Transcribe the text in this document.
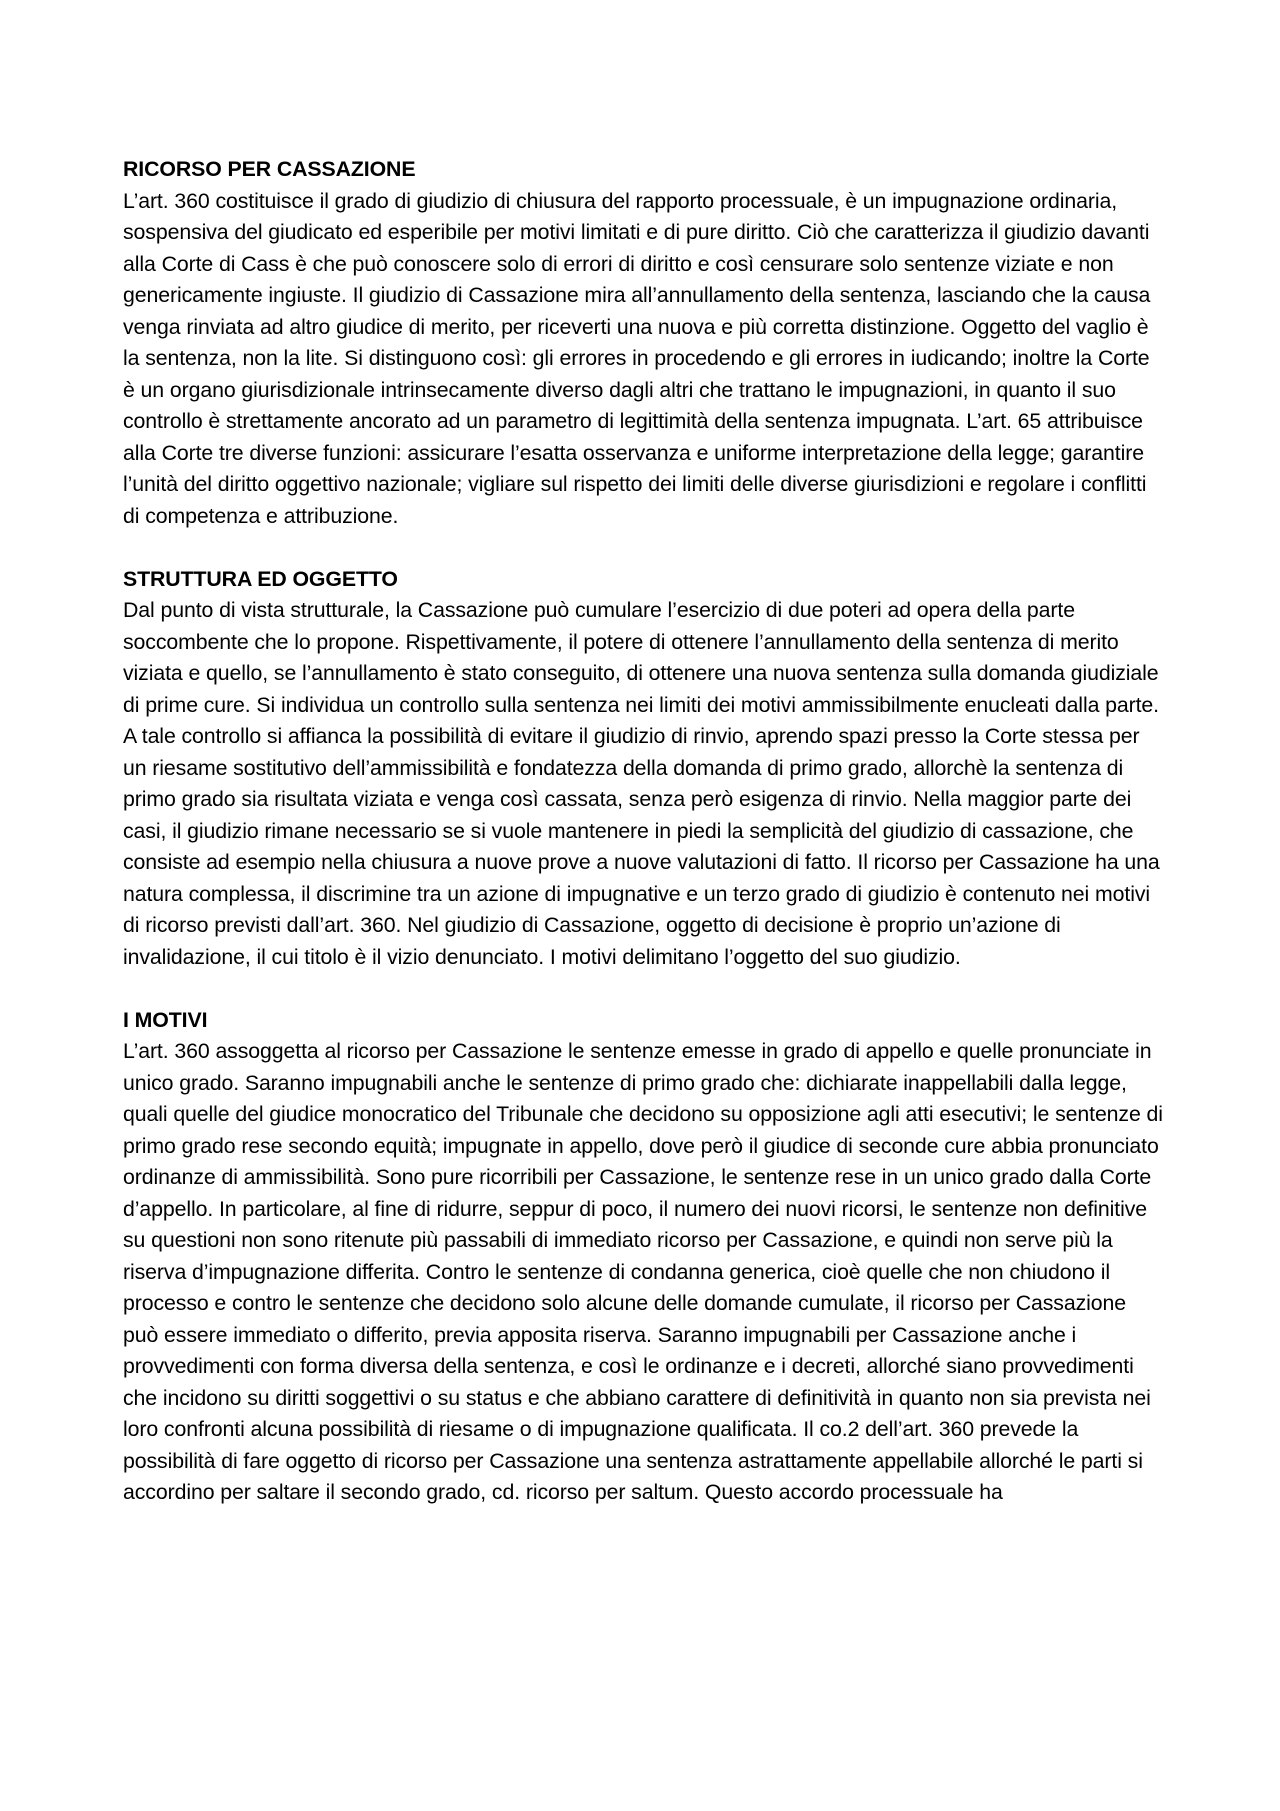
RICORSO PER CASSAZIONE

L’art. 360 costituisce il grado di giudizio di chiusura del rapporto processuale, è un impugnazione ordinaria, sospensiva del giudicato ed esperibile per motivi limitati e di pure diritto. Ciò che caratterizza il giudizio davanti alla Corte di Cass è che può conoscere solo di errori di diritto e così censurare solo sentenze viziate e non genericamente ingiuste. Il giudizio di Cassazione mira all’annullamento della sentenza, lasciando che la causa venga rinviata ad altro giudice di merito, per riceverti una nuova e più corretta distinzione. Oggetto del vaglio è la sentenza, non la lite. Si distinguono così: gli errores in procedendo e gli errores in iudicando; inoltre la Corte è un organo giurisdizionale intrinsecamente diverso dagli altri che trattano le impugnazioni, in quanto il suo controllo è strettamente ancorato ad un parametro di legittimità della sentenza impugnata. L’art. 65 attribuisce alla Corte tre diverse funzioni: assicurare l’esatta osservanza e uniforme interpretazione della legge; garantire l’unità del diritto oggettivo nazionale; vigliare sul rispetto dei limiti delle diverse giurisdizioni e regolare i conflitti di competenza e attribuzione.

STRUTTURA ED OGGETTO

Dal punto di vista strutturale, la Cassazione può cumulare l’esercizio di due poteri ad opera della parte soccombente che lo propone. Rispettivamente, il potere di ottenere l’annullamento della sentenza di merito viziata e quello, se l’annullamento è stato conseguito, di ottenere una nuova sentenza sulla domanda giudiziale di prime cure. Si individua un controllo sulla sentenza nei limiti dei motivi ammissibilmente enucleati dalla parte. A tale controllo si affianca la possibilità di evitare il giudizio di rinvio, aprendo spazi presso la Corte stessa per un riesame sostitutivo dell’ammissibilità e fondatezza della domanda di primo grado, allorchè la sentenza di primo grado sia risultata viziata e venga così cassata, senza però esigenza di rinvio. Nella maggior parte dei casi, il giudizio rimane necessario se si vuole mantenere in piedi la semplicità del giudizio di cassazione, che consiste ad esempio nella chiusura a nuove prove a nuove valutazioni di fatto. Il ricorso per Cassazione ha una natura complessa, il discrimine tra un azione di impugnative e un terzo grado di giudizio è contenuto nei motivi di ricorso previsti dall’art. 360. Nel giudizio di Cassazione, oggetto di decisione è proprio un’azione di invalidazione, il cui titolo è il vizio denunciato. I motivi delimitano l’oggetto del suo giudizio.

I MOTIVI

L’art. 360 assoggetta al ricorso per Cassazione le sentenze emesse in grado di appello e quelle pronunciate in unico grado. Saranno impugnabili anche le sentenze di primo grado che: dichiarate inappellabili dalla legge, quali quelle del giudice monocratico del Tribunale che decidono su opposizione agli atti esecutivi; le sentenze di primo grado rese secondo equità; impugnate in appello, dove però il giudice di seconde cure abbia pronunciato ordinanze di ammissibilità. Sono pure ricorribili per Cassazione, le sentenze rese in un unico grado dalla Corte d’appello. In particolare, al fine di ridurre, seppur di poco, il numero dei nuovi ricorsi, le sentenze non definitive su questioni non sono ritenute più passabili di immediato ricorso per Cassazione, e quindi non serve più la riserva d’impugnazione differita. Contro le sentenze di condanna generica, cioè quelle che non chiudono il processo e contro le sentenze che decidono solo alcune delle domande cumulate, il ricorso per Cassazione può essere immediato o differito, previa apposita riserva. Saranno impugnabili per Cassazione anche i provvedimenti con forma diversa della sentenza, e così le ordinanze e i decreti, allorché siano provvedimenti che incidono su diritti soggettivi o su status e che abbiano carattere di definitività in quanto non sia prevista nei loro confronti alcuna possibilità di riesame o di impugnazione qualificata. Il co.2 dell’art. 360 prevede la possibilità di fare oggetto di ricorso per Cassazione una sentenza astrattamente appellabile allorché le parti si accordino per saltare il secondo grado, cd. ricorso per saltum. Questo accordo processuale ha
